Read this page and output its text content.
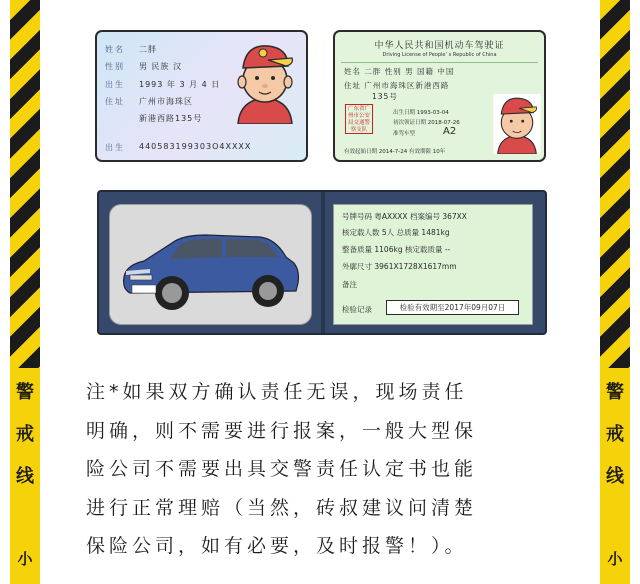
警
戒
线
小
警
戒
线
小
姓名	二胖
性别	男 民族 汉
出生	1993 年 3 月 4 日
住址	广州市海珠区
新港西路135号
出生	440583199303O4XXXX
中华人民共和国机动车驾驶证
Driving License of People’ s Republic of China
姓名 二胖 性别 男 国籍 中国
住址 广州市海珠区新港西路
135号
广东省广
州市公安
局交通警
察支队
出生日期 1993-03-04
初次领证日期 2018-07-26
准驾车型	A2
有效起始日期 2014-7-24 有效期限 10年
号牌号码 粤AXXXX 档案编号 367XX
核定载人数 5人 总质量 1481kg
整备质量 1106kg 核定载质量 --
外廓尺寸 3961X1728X1617mm
备注
检验记录	检验有效期至2017年09月07日
注*如果双方确认责任无误，现场责任
明确，则不需要进行报案，一般大型保
险公司不需要出具交警责任认定书也能
进行正常理赔（当然，砖叔建议问清楚
保险公司，如有必要，及时报警！）。
